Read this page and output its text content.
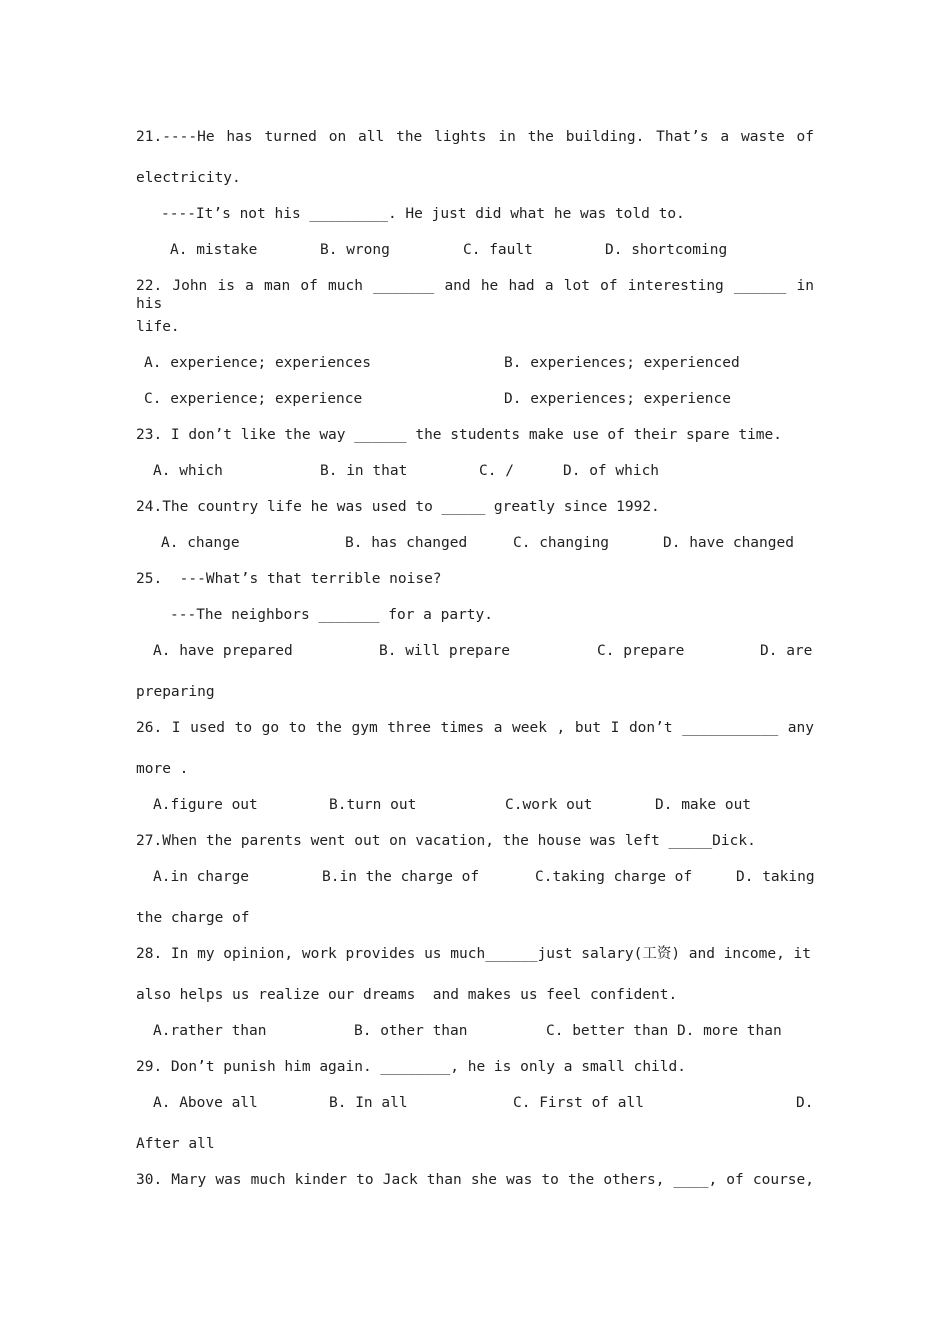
21.----He has turned on all the lights in the building. That’s a waste of
electricity.
----It’s not his _________. He just did what he was told to.
A. mistake	B. wrong	C. fault	D. shortcoming
22. John is a man of much _______ and he had a lot of interesting ______ in his
life.
A. experience; experiences	B. experiences; experienced
C. experience; experience	D. experiences; experience
23. I don’t like the way ______ the students make use of their spare time.
A. which	B. in that	C. /	D. of which
24.The country life he was used to _____ greatly since 1992.
A. change	B. has changed	C. changing	D. have changed
25.  ---What’s that terrible noise?
---The neighbors _______ for a party.
A. have prepared	B. will prepare	C. prepare	D. are
preparing
26. I used to go to the gym three times a week , but I don’t ___________ any
more .
A.figure out	B.turn out	C.work out	D. make out
27.When the parents went out on vacation, the house was left _____Dick.
A.in charge	B.in the charge of	C.taking charge of	D. taking
the charge of
28. In my opinion, work provides us much______just salary(工资) and income, it
also helps us realize our dreams  and makes us feel confident.
A.rather than	B. other than	C. better than D. more than
29. Don’t punish him again. ________, he is only a small child.
A. Above all	B. In all	C. First of all	D.
After all
30. Mary was much kinder to Jack than she was to the others, ____, of course,
